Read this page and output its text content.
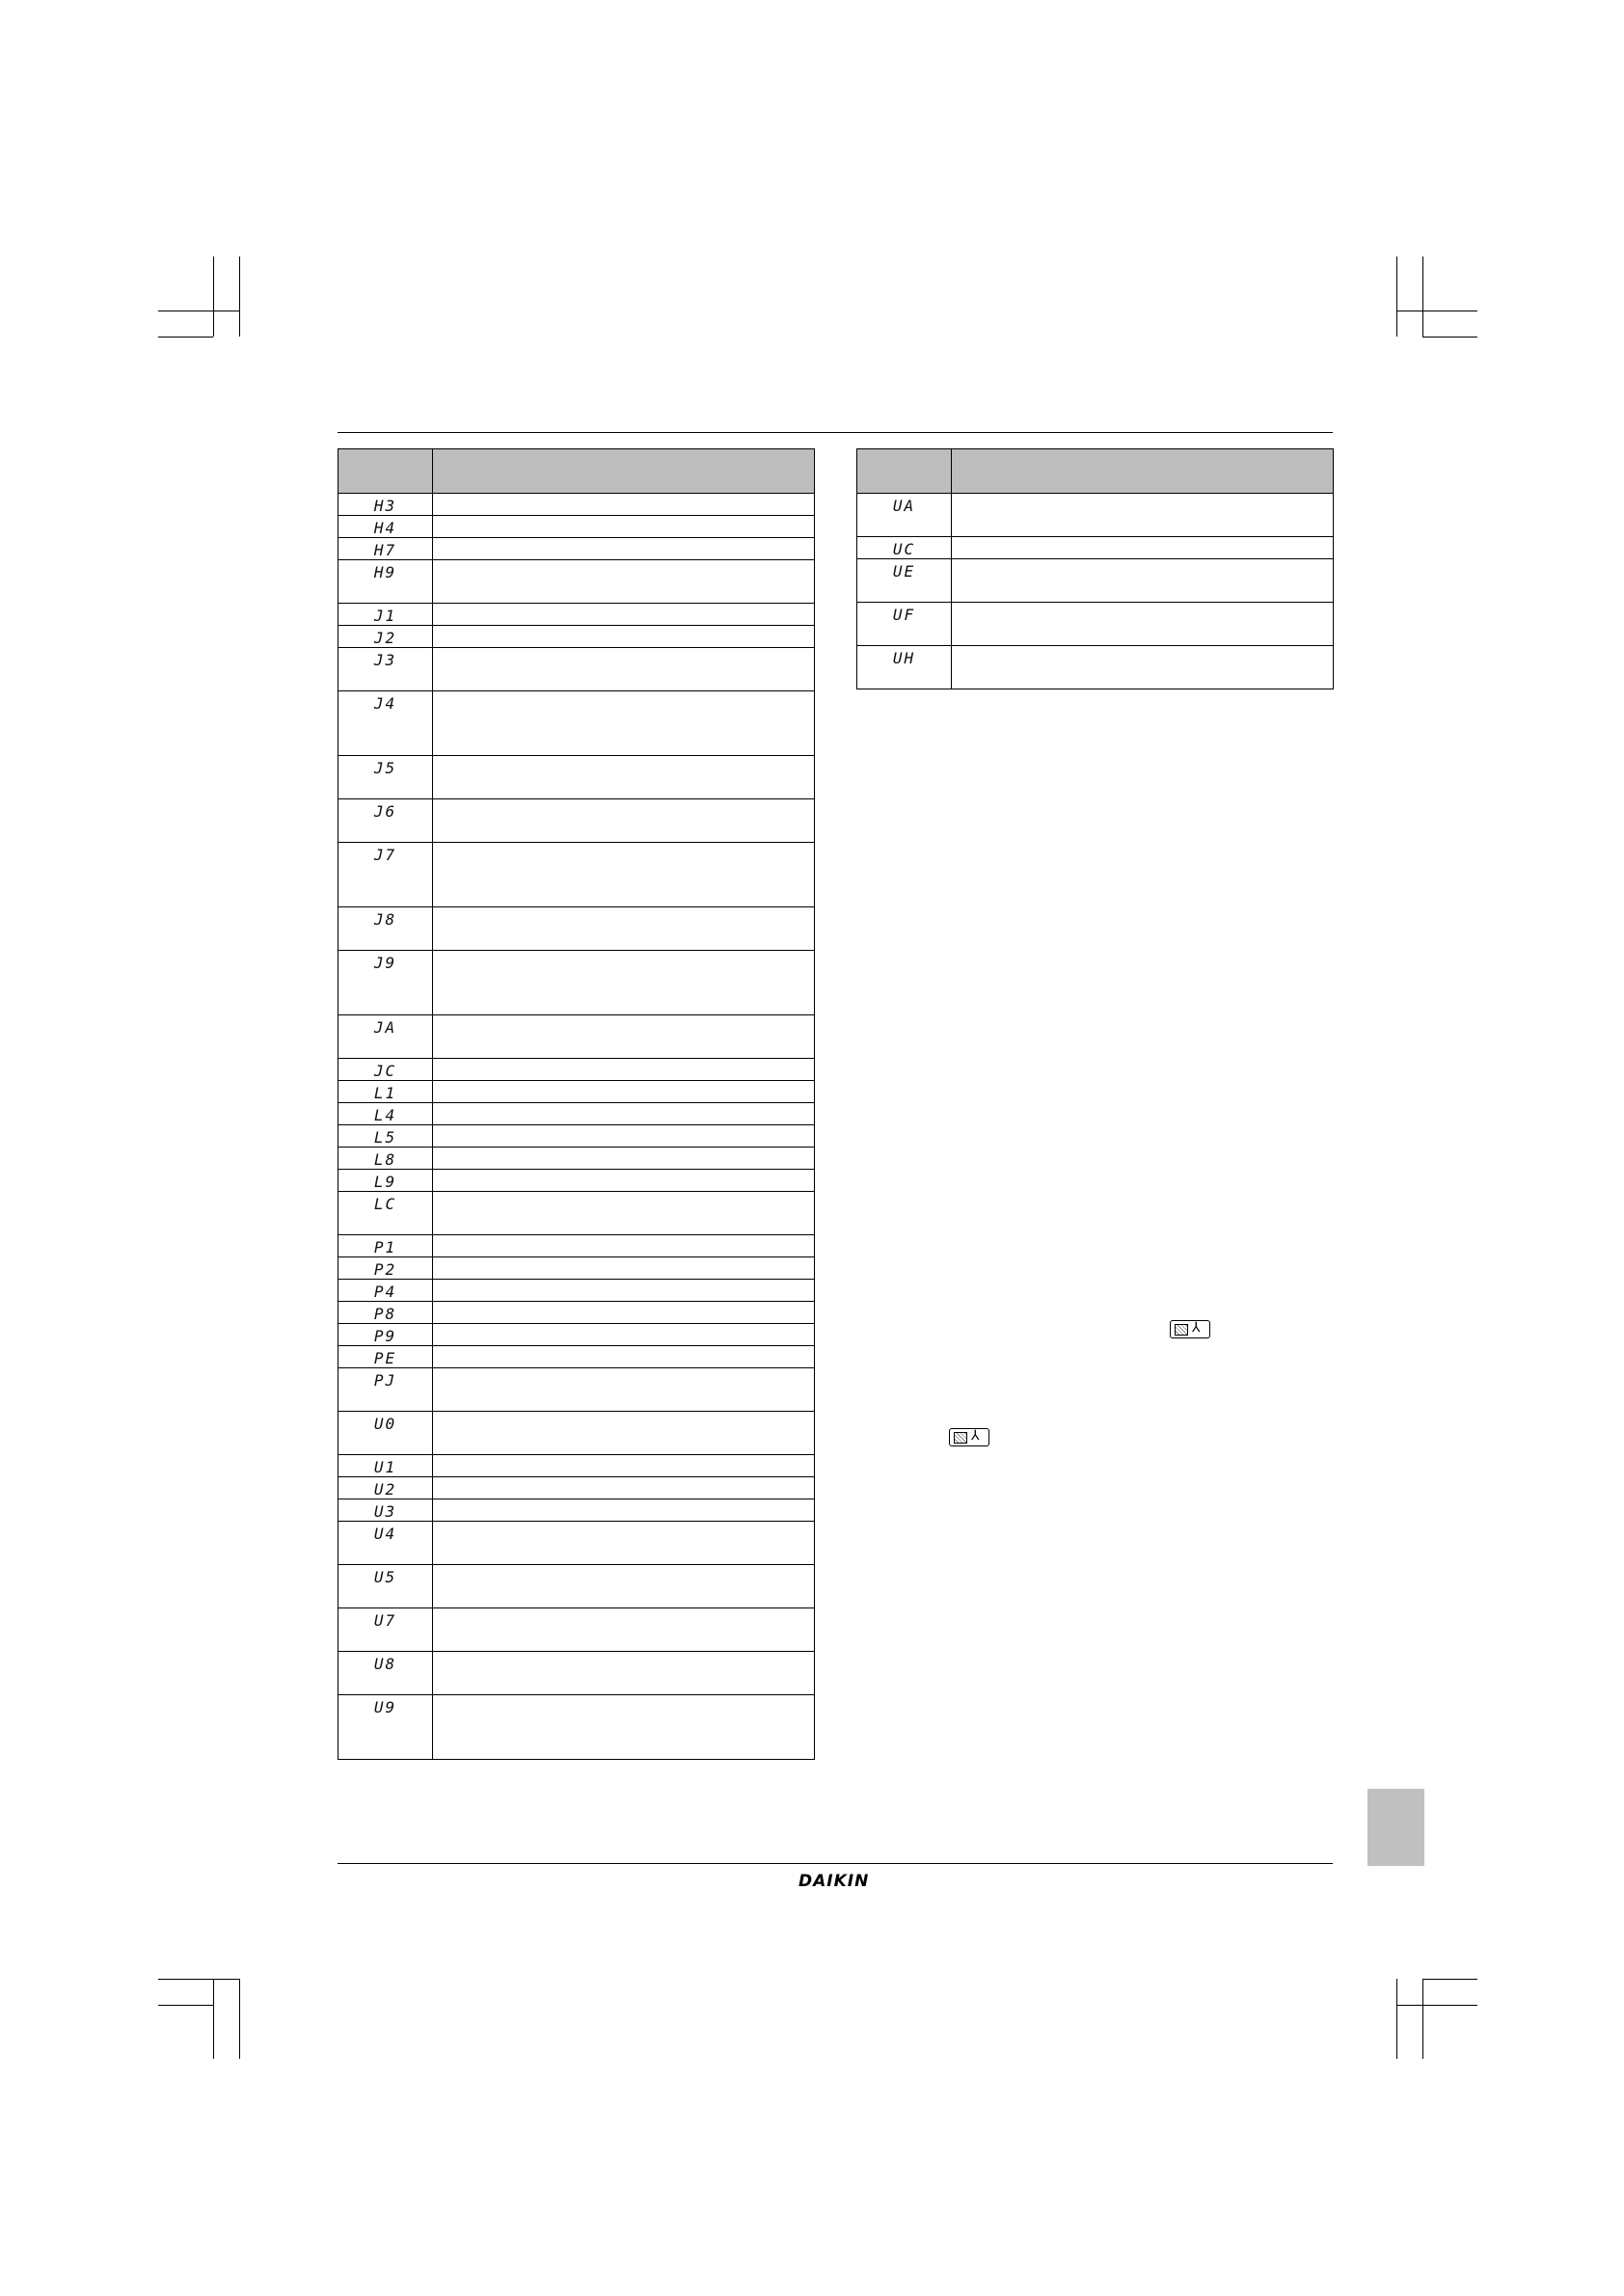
H3	
H4	
H7	
H9	
J1	
J2	
J3	
J4	
J5	
J6	
J7	
J8	
J9	
JA	
JC	
L1	
L4	
L5	
L8	
L9	
LC	
P1	
P2	
P4	
P8	
P9	
PE	
PJ	
U0	
U1	
U2	
U3	
U4	
U5	
U7	
U8	
U9	

UA	
UC	
UE	
UF	
UH	
⅄
⅄
DAIKIN
